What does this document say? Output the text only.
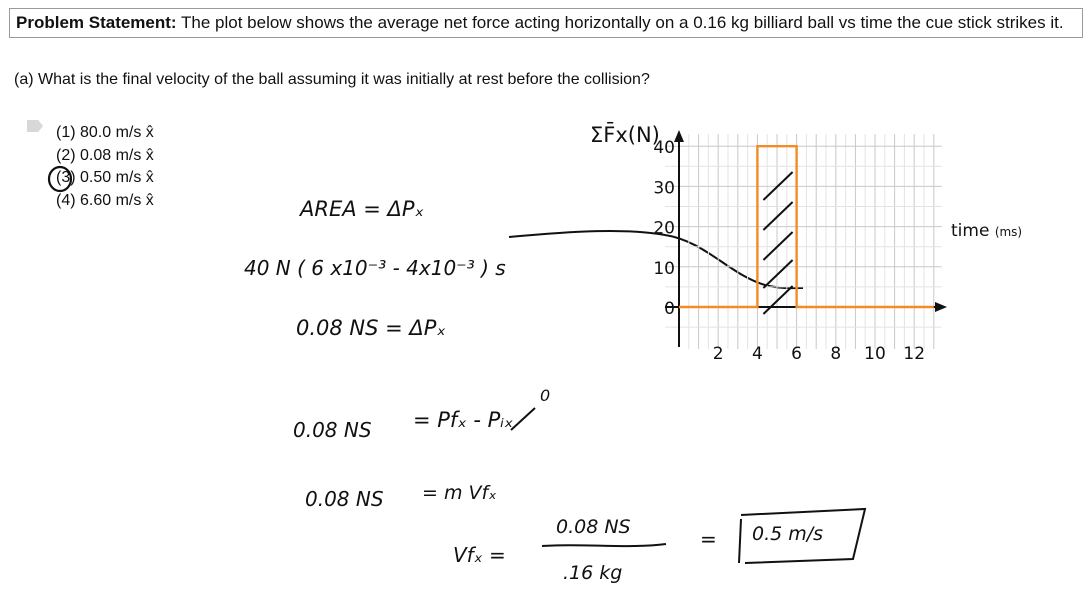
Problem Statement: The plot below shows the average net force acting horizontally on a 0.16 kg billiard ball vs time the cue stick strikes it.
(a) What is the final velocity of the ball assuming it was initially at rest before the collision?
(1) 80.0 m/s x̂
(2) 0.08 m/s x̂
(3) 0.50 m/s x̂
(4) 6.60 m/s x̂	AREA = ΔPₓ
40 N ( 6 x10⁻³ - 4x10⁻³ ) s
0.08 NS = ΔPₓ
0.08 NS = Pfₓ - Pᵢₓ
0
0.08 NS = m Vfₓ
Vfₓ =
0.08 NS
.16 kg
= 0.5 m/s
0
10
20
30
40
2 4 6 8 10 12
ΣF̄x(N)
time (ms)
